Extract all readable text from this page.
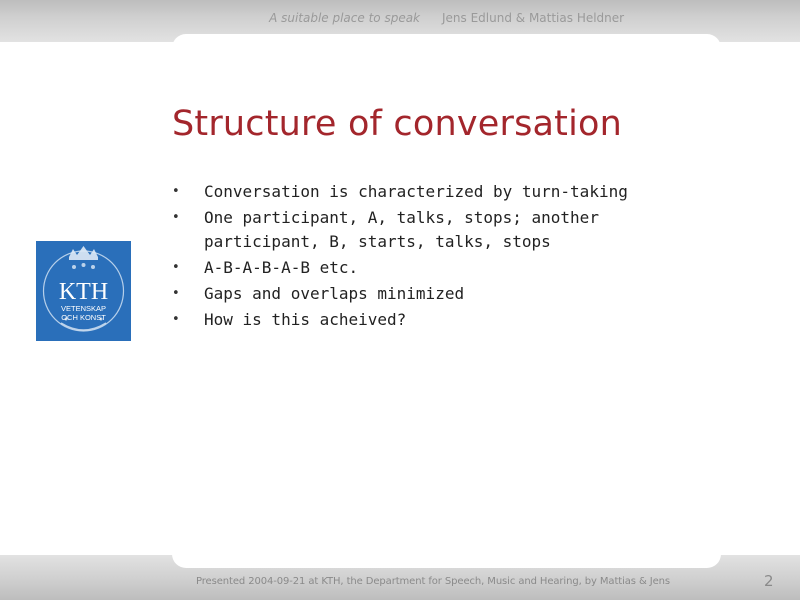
A suitable place to speak Jens Edlund & Mattias Heldner
KTH
VETENSKAP
OCH KONST
Structure of conversation
• Conversation is characterized by turn-taking
• One participant, A, talks, stops; another participant, B, starts, talks, stops
• A-B-A-B-A-B etc.
• Gaps and overlaps minimized
• How is this acheived?
Presented 2004-09-21 at KTH, the Department for Speech, Music and Hearing, by Mattias & Jens	2
